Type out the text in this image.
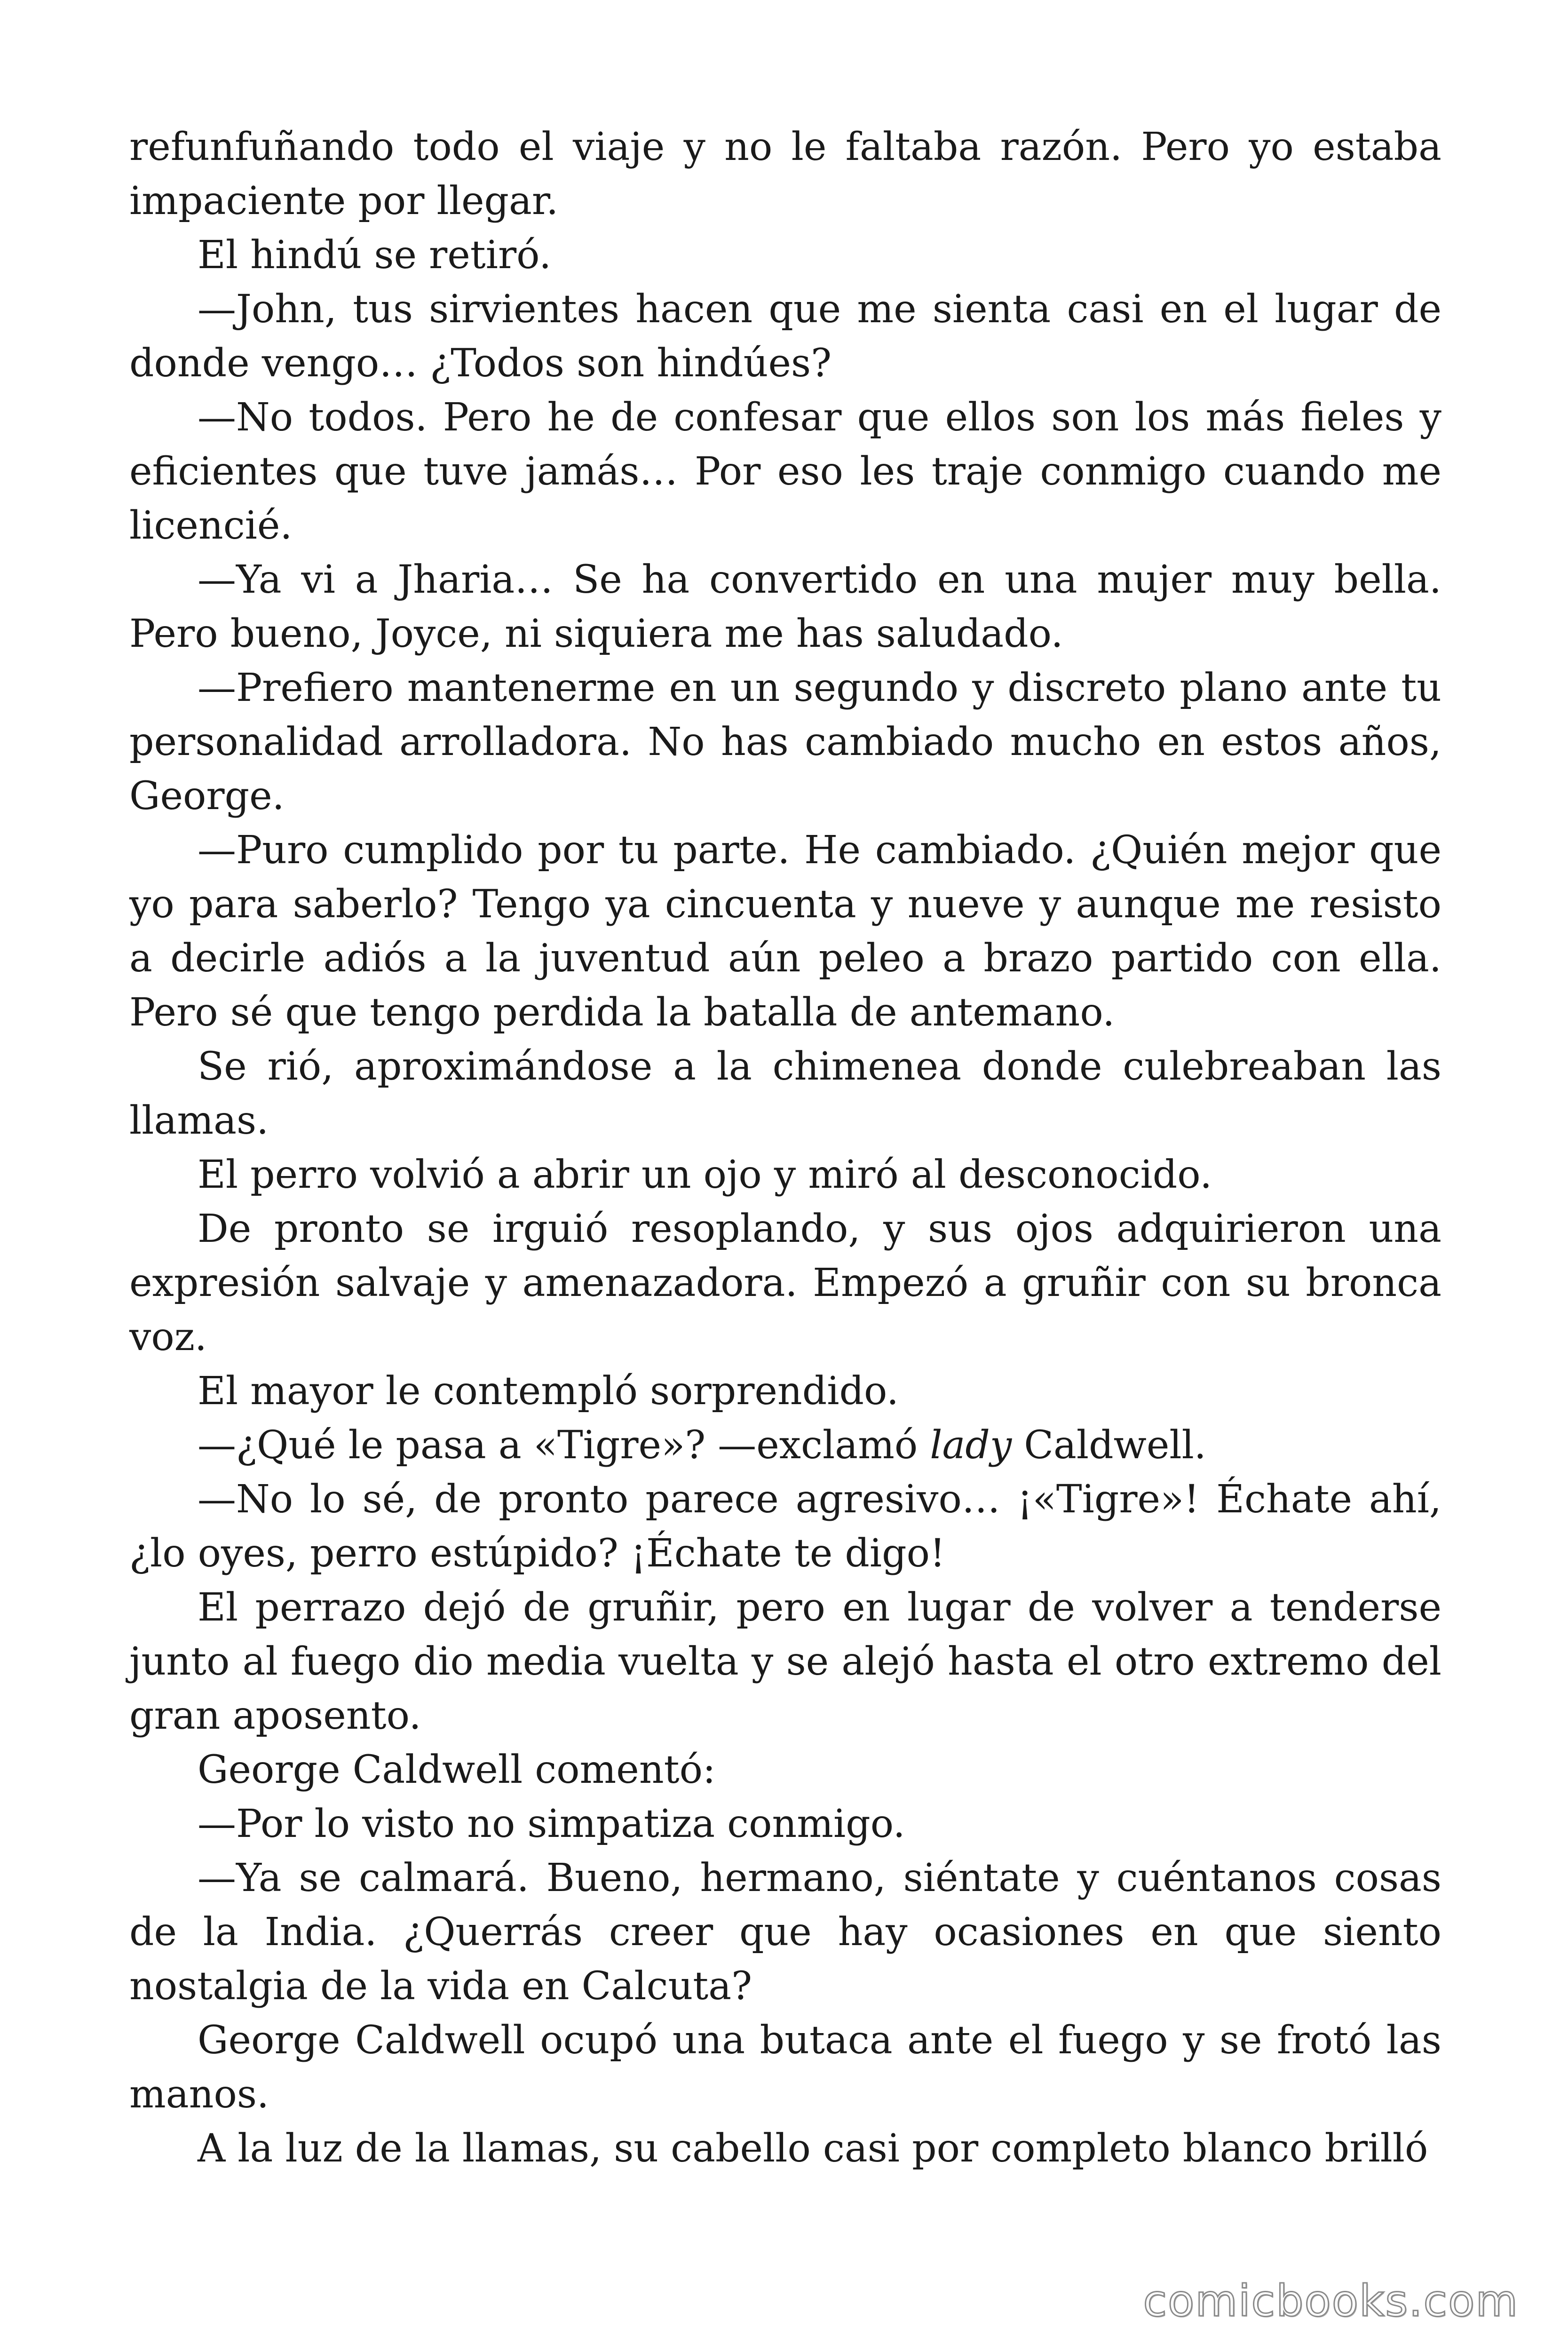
refunfuñando todo el viaje y no le faltaba razón. Pero yo estaba impaciente por llegar.

El hindú se retiró.

—John, tus sirvientes hacen que me sienta casi en el lugar de donde vengo… ¿Todos son hindúes?

—No todos. Pero he de confesar que ellos son los más fieles y eficientes que tuve jamás… Por eso les traje conmigo cuando me licencié.

—Ya vi a Jharia… Se ha convertido en una mujer muy bella. Pero bueno, Joyce, ni siquiera me has saludado.

—Prefiero mantenerme en un segundo y discreto plano ante tu personalidad arrolladora. No has cambiado mucho en estos años, George.

—Puro cumplido por tu parte. He cambiado. ¿Quién mejor que yo para saberlo? Tengo ya cincuenta y nueve y aunque me resisto a decirle adiós a la juventud aún peleo a brazo partido con ella. Pero sé que tengo perdida la batalla de antemano.

Se rió, aproximándose a la chimenea donde culebreaban las llamas.

El perro volvió a abrir un ojo y miró al desconocido.

De pronto se irguió resoplando, y sus ojos adquirieron una expresión salvaje y amenazadora. Empezó a gruñir con su bronca voz.

El mayor le contempló sorprendido.

—¿Qué le pasa a «Tigre»? —exclamó lady Caldwell.

—No lo sé, de pronto parece agresivo… ¡«Tigre»! Échate ahí, ¿lo oyes, perro estúpido? ¡Échate te digo!

El perrazo dejó de gruñir, pero en lugar de volver a tenderse junto al fuego dio media vuelta y se alejó hasta el otro extremo del gran aposento.

George Caldwell comentó:

—Por lo visto no simpatiza conmigo.

—Ya se calmará. Bueno, hermano, siéntate y cuéntanos cosas de la India. ¿Querrás creer que hay ocasiones en que siento nostalgia de la vida en Calcuta?

George Caldwell ocupó una butaca ante el fuego y se frotó las manos.

A la luz de la llamas, su cabello casi por completo blanco brilló

comicbooks.com
